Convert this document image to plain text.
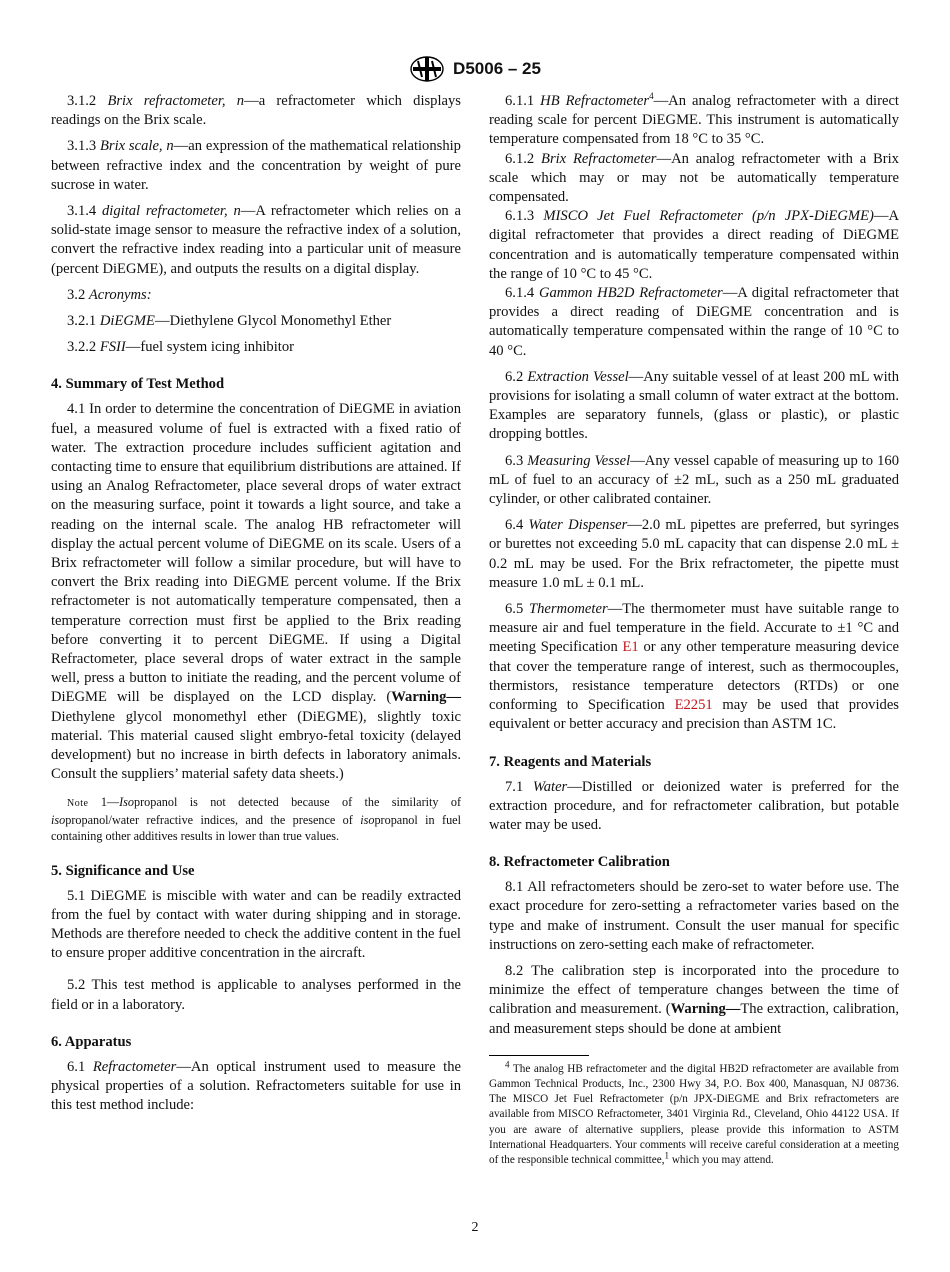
D5006 – 25

3.1.2 Brix refractometer, n—a refractometer which displays readings on the Brix scale.

3.1.3 Brix scale, n—an expression of the mathematical relationship between refractive index and the concentration by weight of pure sucrose in water.

3.1.4 digital refractometer, n—A refractometer which relies on a solid-state image sensor to measure the refractive index of a solution, convert the refractive index reading into a particular unit of measure (percent DiEGME), and outputs the results on a digital display.

3.2 Acronyms:

3.2.1 DiEGME—Diethylene Glycol Monomethyl Ether

3.2.2 FSII—fuel system icing inhibitor

4. Summary of Test Method

4.1 In order to determine the concentration of DiEGME in aviation fuel, a measured volume of fuel is extracted with a fixed ratio of water. The extraction procedure includes sufficient agitation and contacting time to ensure that equilibrium distributions are attained. If using an Analog Refractometer, place several drops of water extract on the measuring surface, point it towards a light source, and take a reading on the internal scale. The analog HB refractometer will display the actual percent volume of DiEGME on its scale. Users of a Brix refractometer will follow a similar procedure, but will have to convert the Brix reading into DiEGME percent volume. If the Brix refractometer is not automatically temperature compensated, then a temperature correction must first be applied to the Brix reading before converting it to percent DiEGME. If using a Digital Refractometer, place several drops of water extract in the sample well, press a button to initiate the reading, and the percent volume of DiEGME will be displayed on the LCD display. (Warning—Diethylene glycol monomethyl ether (DiEGME), slightly toxic material. This material caused slight embryo-fetal toxicity (delayed development) but no increase in birth defects in laboratory animals. Consult the suppliers’ material safety data sheets.)

Note 1—Isopropanol is not detected because of the similarity of isopropanol/water refractive indices, and the presence of isopropanol in fuel containing other additives results in lower than true values.

5. Significance and Use

5.1 DiEGME is miscible with water and can be readily extracted from the fuel by contact with water during shipping and in storage. Methods are therefore needed to check the additive content in the fuel to ensure proper additive concentration in the aircraft.

5.2 This test method is applicable to analyses performed in the field or in a laboratory.

6. Apparatus

6.1 Refractometer—An optical instrument used to measure the physical properties of a solution. Refractometers suitable for use in this test method include:

6.1.1 HB Refractometer$^4$—An analog refractometer with a direct reading scale for percent DiEGME. This instrument is automatically temperature compensated from 18 °C to 35 °C.

6.1.2 Brix Refractometer—An analog refractometer with a Brix scale which may or may not be automatically temperature compensated.

6.1.3 MISCO Jet Fuel Refractometer (p/n JPX-DiEGME)—A digital refractometer that provides a direct reading of DiEGME concentration and is automatically temperature compensated within the range of 10 °C to 45 °C.

6.1.4 Gammon HB2D Refractometer—A digital refractometer that provides a direct reading of DiEGME concentration and is automatically temperature compensated within the range of 10 °C to 40 °C.

6.2 Extraction Vessel—Any suitable vessel of at least 200 mL with provisions for isolating a small column of water extract at the bottom. Examples are separatory funnels, (glass or plastic), or plastic dropping bottles.

6.3 Measuring Vessel—Any vessel capable of measuring up to 160 mL of fuel to an accuracy of ±2 mL, such as a 250 mL graduated cylinder, or other calibrated container.

6.4 Water Dispenser—2.0 mL pipettes are preferred, but syringes or burettes not exceeding 5.0 mL capacity that can dispense 2.0 mL ± 0.2 mL may be used. For the Brix refractometer, the pipette must measure 1.0 mL ± 0.1 mL.

6.5 Thermometer—The thermometer must have suitable range to measure air and fuel temperature in the field. Accurate to ±1 °C and meeting Specification E1 or any other temperature measuring device that cover the temperature range of interest, such as thermocouples, thermistors, resistance temperature detectors (RTDs) or one conforming to Specification E2251 may be used that provides equivalent or better accuracy and precision than ASTM 1C.

7. Reagents and Materials

7.1 Water—Distilled or deionized water is preferred for the extraction procedure, and for refractometer calibration, but potable water may be used.

8. Refractometer Calibration

8.1 All refractometers should be zero-set to water before use. The exact procedure for zero-setting a refractometer varies based on the type and make of instrument. Consult the user manual for specific instructions on zero-setting each make of refractometer.

8.2 The calibration step is incorporated into the procedure to minimize the effect of temperature changes between the time of calibration and measurement. (Warning—The extraction, calibration, and measurement steps should be done at ambient

$^4$ The analog HB refractometer and the digital HB2D refractometer are available from Gammon Technical Products, Inc., 2300 Hwy 34, P.O. Box 400, Manasquan, NJ 08736. The MISCO Jet Fuel Refractometer (p/n JPX-DiEGME and Brix refractometers are available from MISCO Refractometer, 3401 Virginia Rd., Cleveland, Ohio 44122 USA. If you are aware of alternative suppliers, please provide this information to ASTM International Headquarters. Your comments will receive careful consideration at a meeting of the responsible technical committee,$^1$ which you may attend.

2
